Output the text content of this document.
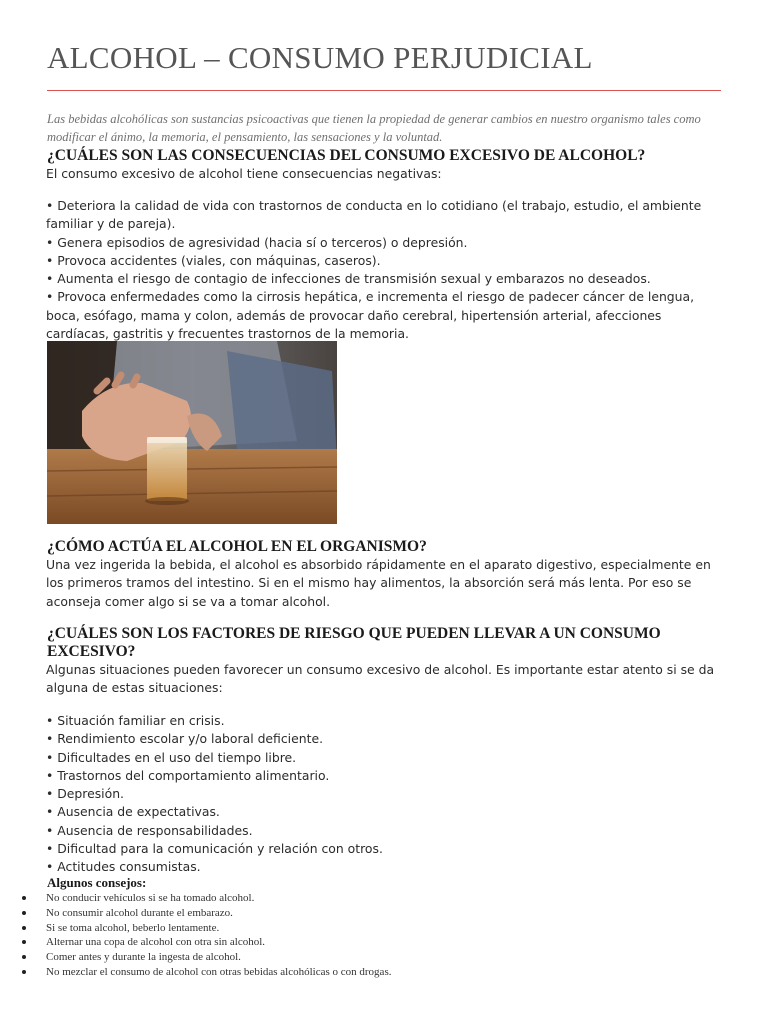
ALCOHOL – CONSUMO PERJUDICIAL

Las bebidas alcohólicas son sustancias psicoactivas que tienen la propiedad de generar cambios en nuestro organismo tales como modificar el ánimo, la memoria, el pensamiento, las sensaciones y la voluntad.

¿CUÁLES SON LAS CONSECUENCIAS DEL CONSUMO EXCESIVO DE ALCOHOL?

El consumo excesivo de alcohol tiene consecuencias negativas:

• Deteriora la calidad de vida con trastornos de conducta en lo cotidiano (el trabajo, estudio, el ambiente familiar y de pareja).
• Genera episodios de agresividad (hacia sí o terceros) o depresión.
• Provoca accidentes (viales, con máquinas, caseros).
• Aumenta el riesgo de contagio de infecciones de transmisión sexual y embarazos no deseados.
• Provoca enfermedades como la cirrosis hepática, e incrementa el riesgo de padecer cáncer de lengua, boca, esófago, mama y colon, además de provocar daño cerebral, hipertensión arterial, afecciones cardíacas, gastritis y frecuentes trastornos de la memoria.
¿CÓMO ACTÚA EL ALCOHOL EN EL ORGANISMO?

Una vez ingerida la bebida, el alcohol es absorbido rápidamente en el aparato digestivo, especialmente en los primeros tramos del intestino. Si en el mismo hay alimentos, la absorción será más lenta. Por eso se aconseja comer algo si se va a tomar alcohol.

¿CUÁLES SON LOS FACTORES DE RIESGO QUE PUEDEN LLEVAR A UN CONSUMO EXCESIVO?

Algunas situaciones pueden favorecer un consumo excesivo de alcohol. Es importante estar atento si se da alguna de estas situaciones:

• Situación familiar en crisis.
• Rendimiento escolar y/o laboral deficiente.
• Dificultades en el uso del tiempo libre.
• Trastornos del comportamiento alimentario.
• Depresión.
• Ausencia de expectativas.
• Ausencia de responsabilidades.
• Dificultad para la comunicación y relación con otros.
• Actitudes consumistas.
Algunos consejos:
No conducir vehículos si se ha tomado alcohol.
No consumir alcohol durante el embarazo.
Si se toma alcohol, beberlo lentamente.
Alternar una copa de alcohol con otra sin alcohol.
Comer antes y durante la ingesta de alcohol.
No mezclar el consumo de alcohol con otras bebidas alcohólicas o con drogas.
